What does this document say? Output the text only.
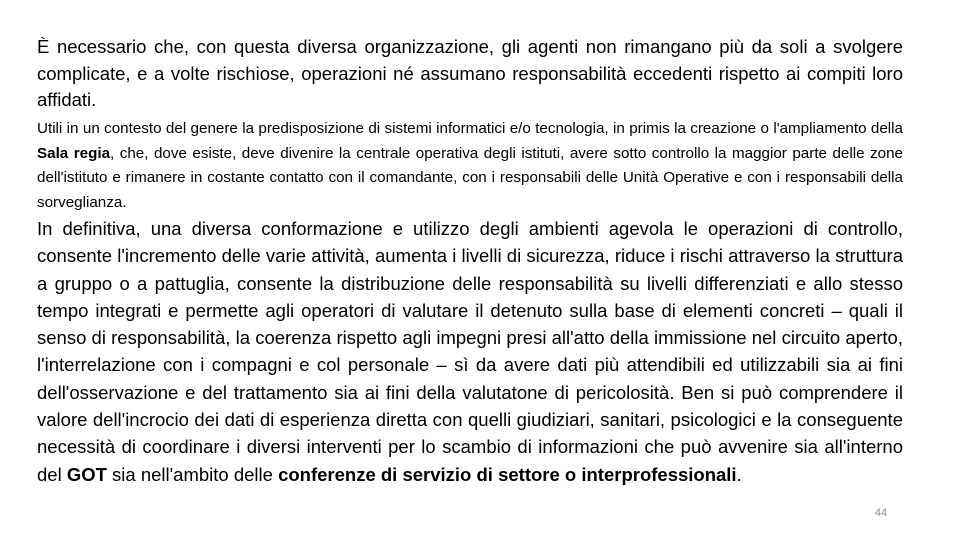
È necessario che, con questa diversa organizzazione, gli agenti non rimangano più da soli a svolgere complicate, e a volte rischiose, operazioni né assumano responsabilità eccedenti rispetto ai compiti loro affidati.

Utili in un contesto del genere la predisposizione di sistemi informatici e/o tecnologia, in primis la creazione o l'ampliamento della Sala regia, che, dove esiste, deve divenire la centrale operativa degli istituti, avere sotto controllo la maggior parte delle zone dell'istituto e rimanere in costante contatto con il comandante, con i responsabili delle Unità Operative e con i responsabili della sorveglianza.

In definitiva, una diversa conformazione e utilizzo degli ambienti agevola le operazioni di controllo, consente l'incremento delle varie attività, aumenta i livelli di sicurezza, riduce i rischi attraverso la struttura a gruppo o a pattuglia, consente la distribuzione delle responsabilità su livelli differenziati e allo stesso tempo integrati e permette agli operatori di valutare il detenuto sulla base di elementi concreti – quali il senso di responsabilità, la coerenza rispetto agli impegni presi all'atto della immissione nel circuito aperto, l'interrelazione con i compagni e col personale – sì da avere dati più attendibili ed utilizzabili sia ai fini dell'osservazione e del trattamento sia ai fini della valutatone di pericolosità. Ben si può comprendere il valore dell'incrocio dei dati di esperienza diretta con quelli giudiziari, sanitari, psicologici e la conseguente necessità di coordinare i diversi interventi per lo scambio di informazioni che può avvenire sia all'interno del GOT sia nell'ambito delle conferenze di servizio di settore o interprofessionali.

44
